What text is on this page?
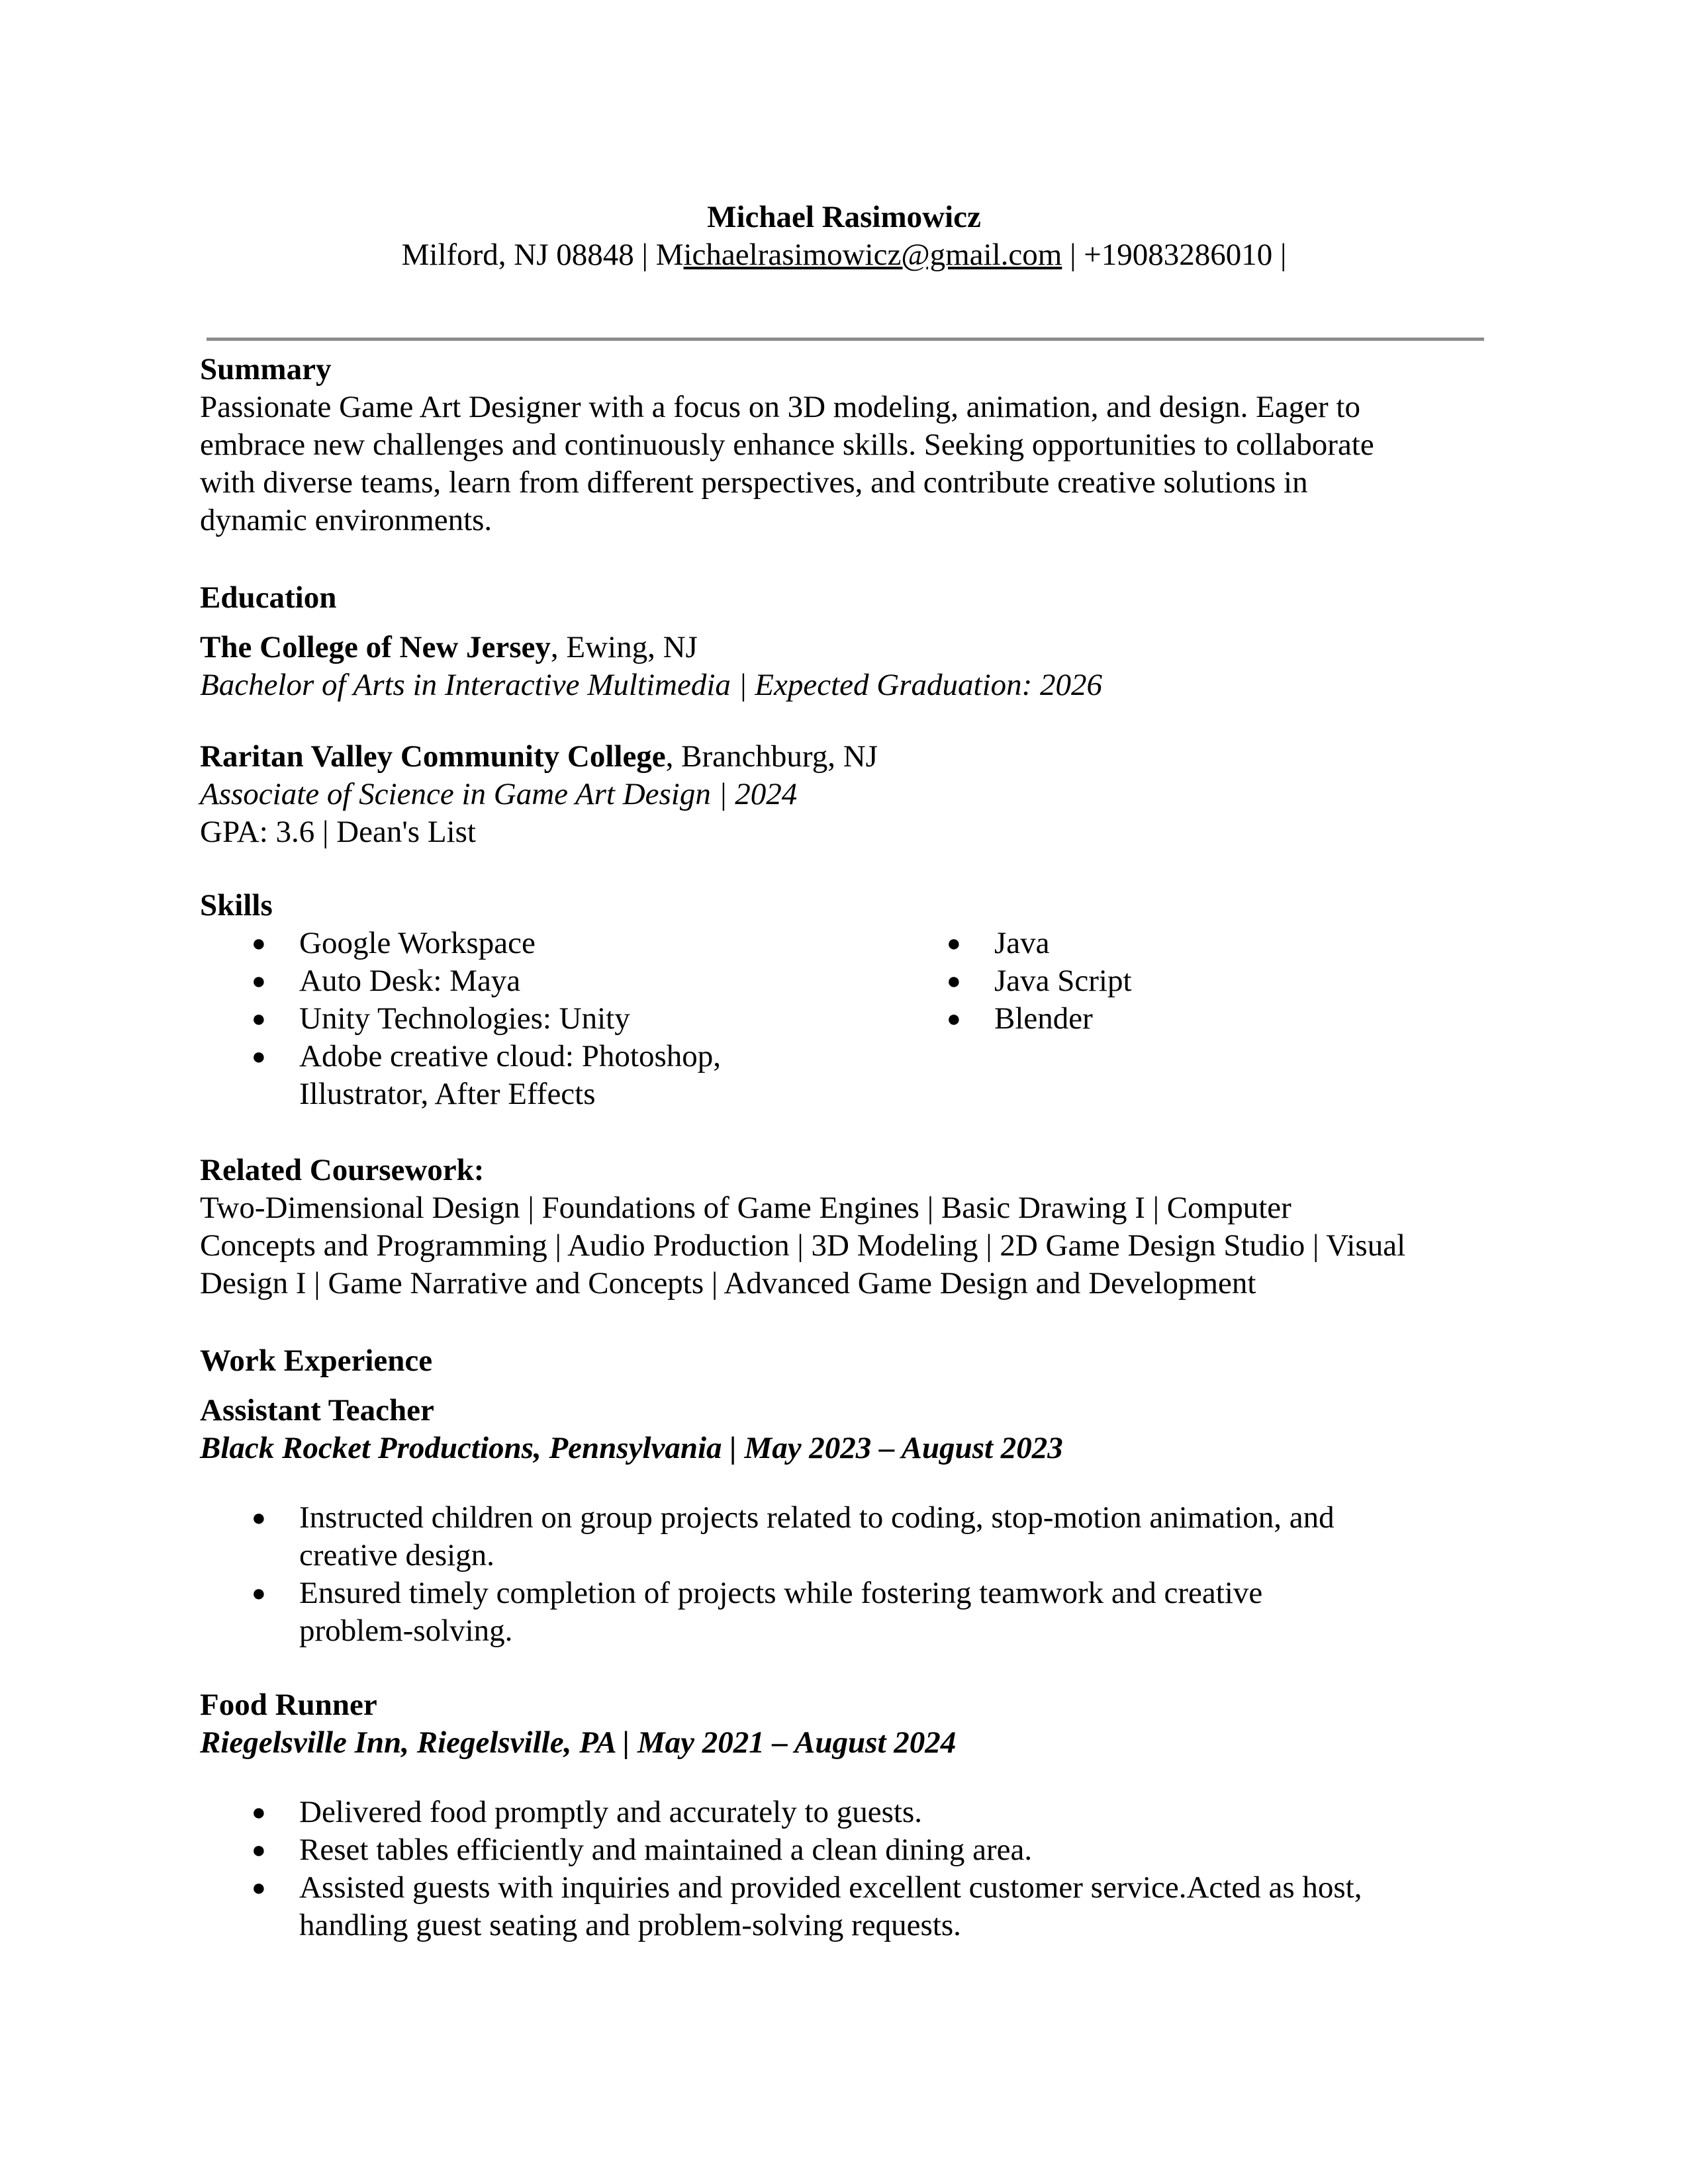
Michael Rasimowicz
Milford, NJ 08848 | Michaelrasimowicz@gmail.com | +19083286010 |
Summary
Passionate Game Art Designer with a focus on 3D modeling, animation, and design. Eager to
embrace new challenges and continuously enhance skills. Seeking opportunities to collaborate
with diverse teams, learn from different perspectives, and contribute creative solutions in
dynamic environments.
Education
The College of New Jersey, Ewing, NJ
Bachelor of Arts in Interactive Multimedia | Expected Graduation: 2026
Raritan Valley Community College, Branchburg, NJ
Associate of Science in Game Art Design | 2024
GPA: 3.6 | Dean's List
Skills
● Google Workspace
● Auto Desk: Maya
● Unity Technologies: Unity
● Adobe creative cloud: Photoshop,
Illustrator, After Effects
● Java
● Java Script
● Blender
Related Coursework:
Two-Dimensional Design | Foundations of Game Engines | Basic Drawing I | Computer
Concepts and Programming | Audio Production | 3D Modeling | 2D Game Design Studio | Visual
Design I | Game Narrative and Concepts | Advanced Game Design and Development
Work Experience
Assistant Teacher
Black Rocket Productions, Pennsylvania | May 2023 – August 2023
● Instructed children on group projects related to coding, stop-motion animation, and
creative design.
● Ensured timely completion of projects while fostering teamwork and creative
problem-solving.
Food Runner
Riegelsville Inn, Riegelsville, PA | May 2021 – August 2024
● Delivered food promptly and accurately to guests.
● Reset tables efficiently and maintained a clean dining area.
● Assisted guests with inquiries and provided excellent customer service.Acted as host,
handling guest seating and problem-solving requests.
